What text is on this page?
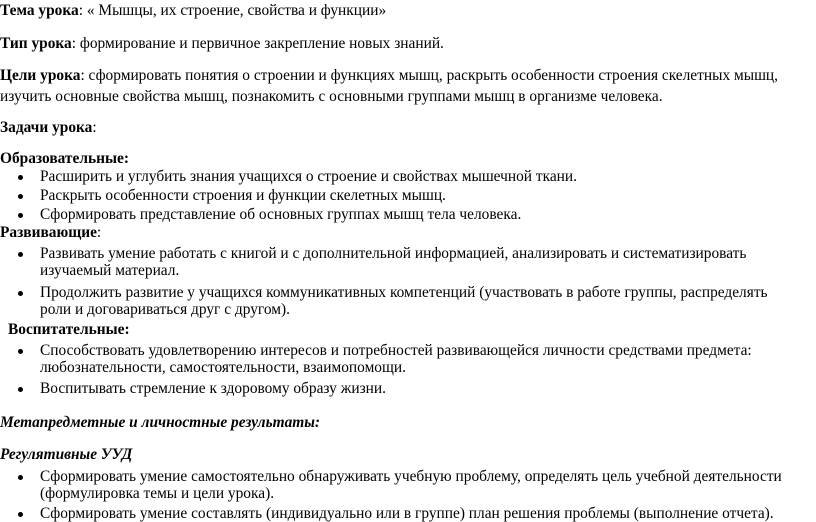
Тема урока: « Мышцы, их строение, свойства и функции»
Тип урока: формирование и первичное закрепление новых знаний.
Цели урока: сформировать понятия о строении и функциях мышц, раскрыть особенности строения скелетных мышц,
изучить основные свойства мышц, познакомить с основными группами мышц в организме человека.
Задачи урока:
Образовательные:
Расширить и углубить знания учащихся о строение и свойствах мышечной ткани.
Раскрыть особенности строения и функции скелетных мышц.
Сформировать представление об основных группах мышц тела человека.
Развивающие:
Развивать умение работать с книгой и с дополнительной информацией, анализировать и систематизировать
изучаемый материал.
Продолжить развитие у учащихся коммуникативных компетенций (участвовать в работе группы, распределять
роли и договариваться друг с другом).
Воспитательные:
Способствовать удовлетворению интересов и потребностей развивающейся личности средствами предмета:
любознательности, самостоятельности, взаимопомощи.
Воспитывать стремление к здоровому образу жизни.
Метапредметные и личностные результаты:
Регулятивные УУД
Сформировать умение самостоятельно обнаруживать учебную проблему, определять цель учебной деятельности
(формулировка темы и цели урока).
Сформировать умение составлять (индивидуально или в группе) план решения проблемы (выполнение отчета).
